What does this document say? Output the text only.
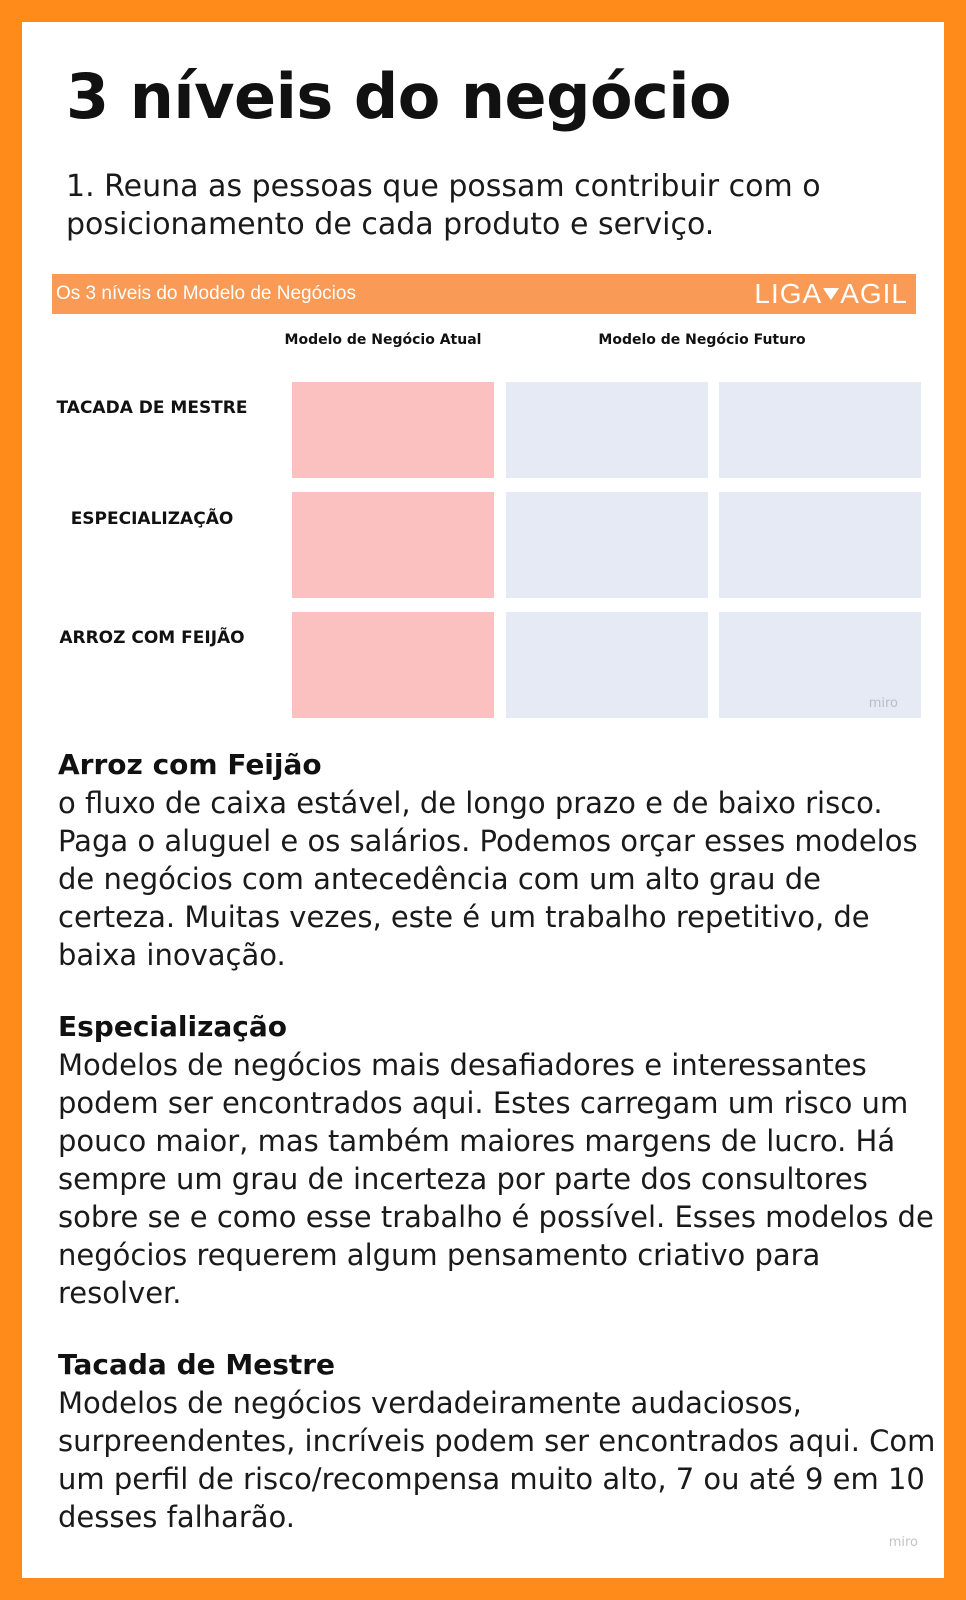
3 níveis do negócio
1. Reuna as pessoas que possam contribuir com o posicionamento de cada produto e serviço.
Os 3 níveis do Modelo de Negócios	LIGA AGIL
Modelo de Negócio Atual	Modelo de Negócio Futuro
TACADA DE MESTRE
ESPECIALIZAÇÃO
ARROZ COM FEIJÃO
miro
Arroz com Feijão

o fluxo de caixa estável, de longo prazo e de baixo risco. Paga o aluguel e os salários. Podemos orçar esses modelos de negócios com antecedência com um alto grau de certeza. Muitas vezes, este é um trabalho repetitivo, de baixa inovação.

Especialização

Modelos de negócios mais desafiadores e interessantes podem ser encontrados aqui. Estes carregam um risco um pouco maior, mas também maiores margens de lucro. Há sempre um grau de incerteza por parte dos consultores sobre se e como esse trabalho é possível. Esses modelos de negócios requerem algum pensamento criativo para resolver.

Tacada de Mestre

Modelos de negócios verdadeiramente audaciosos, surpreendentes, incríveis podem ser encontrados aqui. Com um perfil de risco/recompensa muito alto, 7 ou até 9 em 10 desses falharão.

miro
